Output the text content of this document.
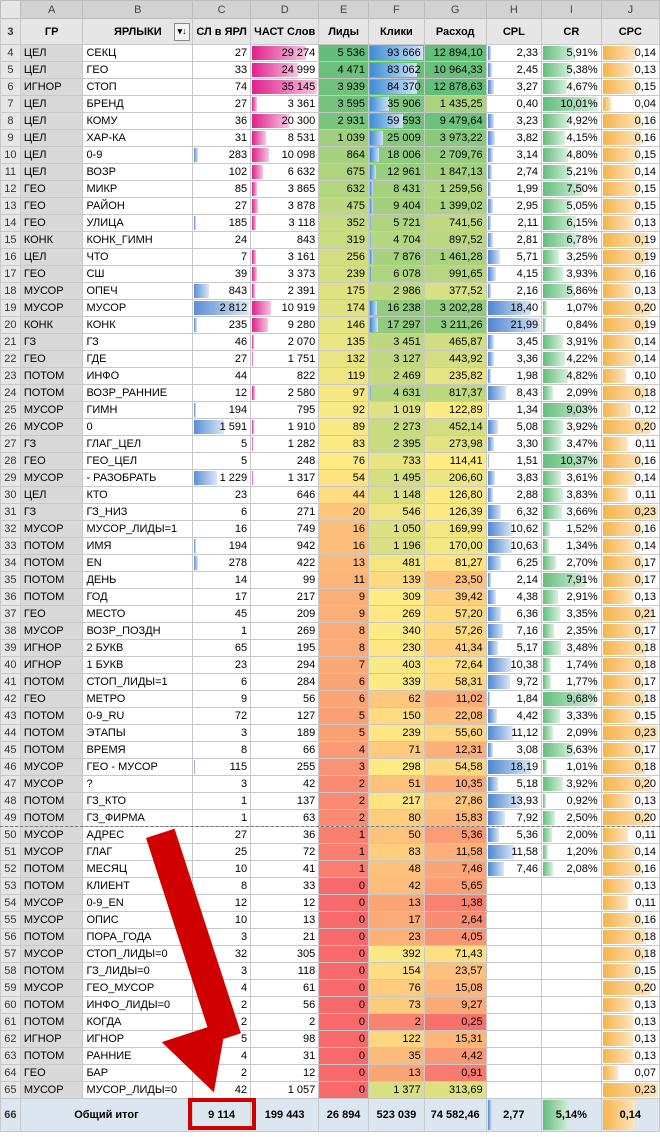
	A	B	C	D	E	F	G	H	I	J
3	ГР	ЯРЛЫКИ ▾↓	СЛ в ЯРЛ	ЧАСТ Слов	Лиды	Клики	Расход	CPL	CR	CPC
4	ЦЕЛ	СЕКЦ	27	29 274	5 536	93 666	12 894,10	2,33	5,91%	0,14
5	ЦЕЛ	ГЕО	33	24 999	4 471	83 062	10 964,33	2,45	5,38%	0,13
6	ИГНОР	СТОП	74	35 145	3 939	84 370	12 878,63	3,27	4,67%	0,15
7	ЦЕЛ	БРЕНД	27	3 361	3 595	35 906	1 435,25	0,40	10,01%	0,04
8	ЦЕЛ	КОМУ	36	20 300	2 931	59 593	9 479,64	3,23	4,92%	0,16
9	ЦЕЛ	ХАР-КА	31	8 531	1 039	25 009	3 973,22	3,82	4,15%	0,16
10	ЦЕЛ	0-9	283	10 098	864	18 006	2 709,76	3,14	4,80%	0,15
11	ЦЕЛ	ВОЗР	102	6 632	675	12 961	1 847,13	2,74	5,21%	0,14
12	ГЕО	МИКР	85	3 865	632	8 431	1 259,56	1,99	7,50%	0,15
13	ГЕО	РАЙОН	27	3 878	475	9 404	1 399,02	2,95	5,05%	0,15
14	ГЕО	УЛИЦА	185	3 118	352	5 721	741,56	2,11	6,15%	0,13
15	КОНК	КОНК_ГИМН	24	843	319	4 704	897,52	2,81	6,78%	0,19
16	ЦЕЛ	ЧТО	7	3 161	256	7 876	1 461,28	5,71	3,25%	0,19
17	ГЕО	СШ	39	3 373	239	6 078	991,65	4,15	3,93%	0,16
18	МУСОР	ОПЕЧ	843	2 391	175	2 986	377,52	2,16	5,86%	0,13
19	МУСОР	МУСОР	2 812	10 919	174	16 238	3 202,28	18,40	1,07%	0,20
20	КОНК	КОНК	235	9 280	146	17 297	3 211,26	21,99	0,84%	0,19
21	ГЗ	ГЗ	46	2 070	135	3 451	465,87	3,45	3,91%	0,14
22	ГЕО	ГДЕ	27	1 751	132	3 127	443,92	3,36	4,22%	0,14
23	ПОТОМ	ИНФО	44	822	119	2 469	235,82	1,98	4,82%	0,10
24	ПОТОМ	ВОЗР_РАННИЕ	12	2 580	97	4 631	817,37	8,43	2,09%	0,18
25	МУСОР	ГИМН	194	795	92	1 019	122,89	1,34	9,03%	0,12
26	МУСОР	0	1 591	1 910	89	2 273	452,14	5,08	3,92%	0,20
27	ГЗ	ГЛАГ_ЦЕЛ	5	1 282	83	2 395	273,98	3,30	3,47%	0,11
28	ГЕО	ГЕО_ЦЕЛ	5	248	76	733	114,41	1,51	10,37%	0,16
29	МУСОР	- РАЗОБРАТЬ	1 229	1 317	54	1 495	206,60	3,83	3,61%	0,14
30	ЦЕЛ	КТО	23	646	44	1 148	126,80	2,88	3,83%	0,11
31	ГЗ	ГЗ_НИЗ	6	271	20	546	126,39	6,32	3,66%	0,23
32	МУСОР	МУСОР_ЛИДЫ=1	16	749	16	1 050	169,99	10,62	1,52%	0,16
33	ПОТОМ	ИМЯ	194	942	16	1 196	170,00	10,63	1,34%	0,14
34	ПОТОМ	EN	278	422	13	481	81,27	6,25	2,70%	0,17
35	ПОТОМ	ДЕНЬ	14	99	11	139	23,50	2,14	7,91%	0,17
36	ПОТОМ	ГОД	17	217	9	309	39,42	4,38	2,91%	0,13
37	ГЕО	МЕСТО	45	209	9	269	57,20	6,36	3,35%	0,21
38	МУСОР	ВОЗР_ПОЗДН	1	269	8	340	57,26	7,16	2,35%	0,17
39	ИГНОР	2 БУКВ	65	195	8	230	41,34	5,17	3,48%	0,18
40	ИГНОР	1 БУКВ	23	294	7	403	72,64	10,38	1,74%	0,18
41	ПОТОМ	СТОП_ЛИДЫ=1	6	284	6	339	58,31	9,72	1,77%	0,17
42	ГЕО	МЕТРО	9	56	6	62	11,02	1,84	9,68%	0,18
43	ПОТОМ	0-9_RU	72	127	5	150	22,08	4,42	3,33%	0,15
44	ПОТОМ	ЭТАПЫ	3	189	5	239	55,60	11,12	2,09%	0,23
45	ПОТОМ	ВРЕМЯ	8	66	4	71	12,31	3,08	5,63%	0,17
46	МУСОР	ГЕО - МУСОР	115	255	3	298	54,58	18,19	1,01%	0,18
47	МУСОР	?	3	42	2	51	10,35	5,18	3,92%	0,20
48	ПОТОМ	ГЗ_КТО	1	137	2	217	27,86	13,93	0,92%	0,13
49	ПОТОМ	ГЗ_ФИРМА	1	63	2	80	15,83	7,92	2,50%	0,20
50	МУСОР	АДРЕС	27	36	1	50	5,36	5,36	2,00%	0,11
51	МУСОР	ГЛАГ	25	72	1	83	11,58	11,58	1,20%	0,14
52	ПОТОМ	МЕСЯЦ	10	41	1	48	7,46	7,46	2,08%	0,16
53	ПОТОМ	КЛИЕНТ	8	33	0	42	5,65			0,13
54	МУСОР	0-9_EN	12	12	0	13	1,38			0,11
55	МУСОР	ОПИС	10	13	0	17	2,64			0,16
56	ПОТОМ	ПОРА_ГОДА	3	21	0	23	4,05			0,18
57	МУСОР	СТОП_ЛИДЫ=0	32	305	0	392	71,43			0,18
58	ПОТОМ	ГЗ_ЛИДЫ=0	3	118	0	154	23,57			0,15
59	МУСОР	ГЕО_МУСОР	4	61	0	76	15,08			0,20
60	ПОТОМ	ИНФО_ЛИДЫ=0	2	56	0	73	9,27			0,13
61	ПОТОМ	КОГДА	2	2	0	2	0,25			0,13
62	ИГНОР	ИГНОР	5	98	0	122	15,31			0,13
63	ПОТОМ	РАННИЕ	4	31	0	35	4,42			0,13
64	ГЕО	БАР	2	12	0	13	0,91			0,07
65	МУСОР	МУСОР_ЛИДЫ=0	42	1 057	0	1 377	313,69			0,23
66	Общий итог		9 114	199 443	26 894	523 039	74 582,46	2,77	5,14%	0,14
